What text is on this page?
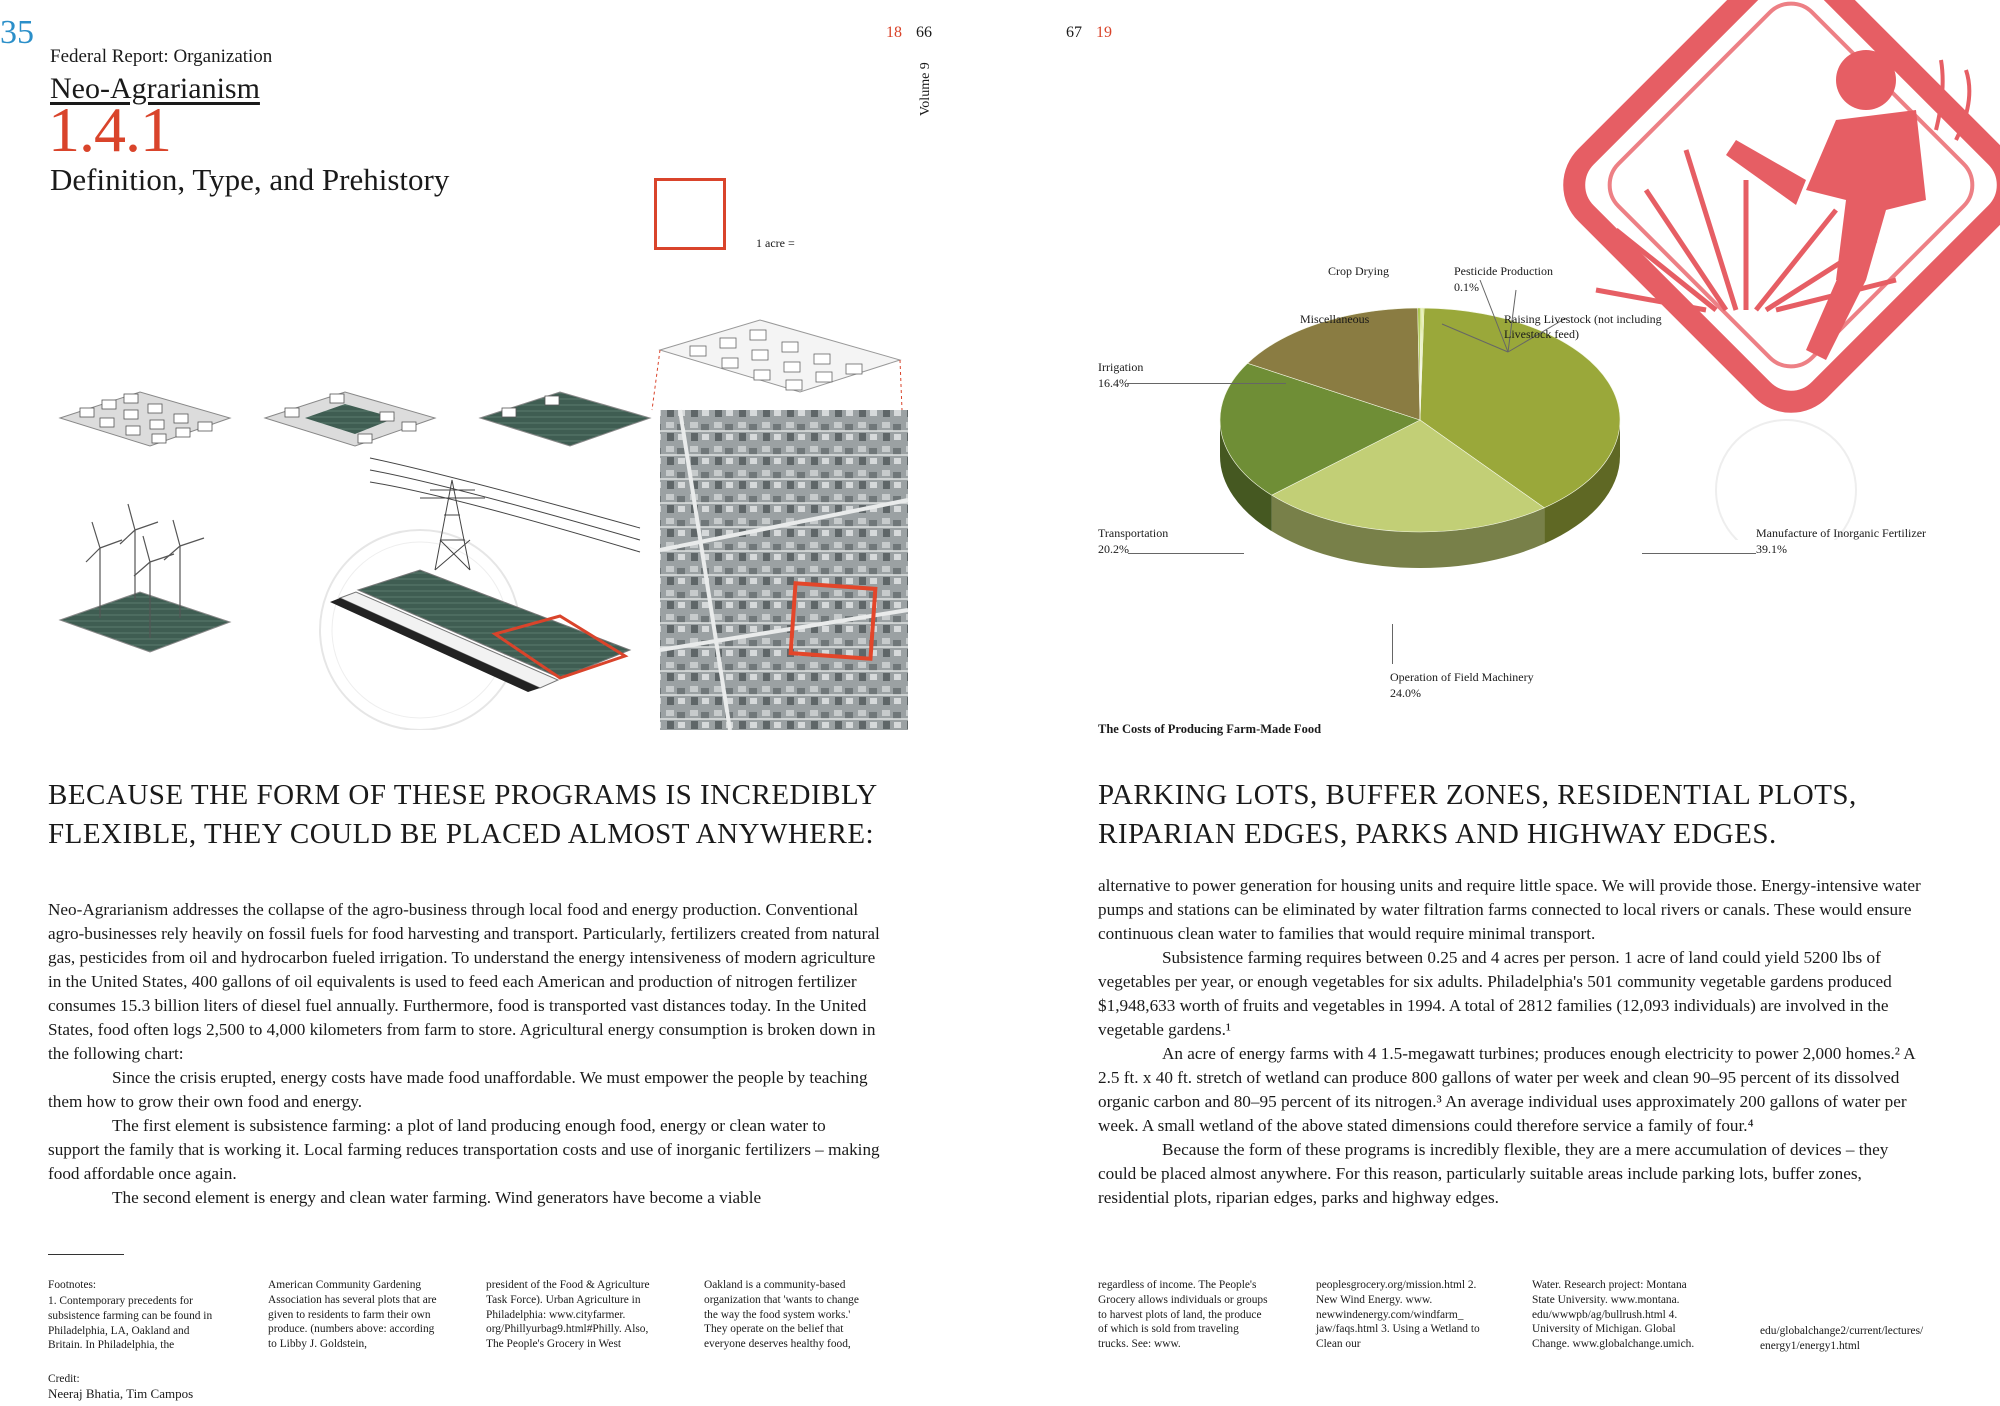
35	18 66
Volume 9
Federal Report: Organization
Neo-Agrarianism
1.4.1
Definition, Type, and Prehistory
1 acre =
BECAUSE THE FORM OF THESE PROGRAMS IS INCREDIBLY FLEXIBLE, THEY COULD BE PLACED ALMOST ANYWHERE:

Neo-Agrarianism addresses the collapse of the agro-business through local food and energy production. Conventional agro-businesses rely heavily on fossil fuels for food harvesting and transport. Particularly, fertilizers created from natural gas, pesticides from oil and hydrocarbon fueled irrigation. To understand the energy intensiveness of modern agriculture in the United States, 400 gallons of oil equivalents is used to feed each American and production of nitrogen fertilizer consumes 15.3 billion liters of diesel fuel annually. Furthermore, food is transported vast distances today. In the United States, food often logs 2,500 to 4,000 kilometers from farm to store. Agricultural energy consumption is broken down in the following chart:

Since the crisis erupted, energy costs have made food unaffordable. We must empower the people by teaching them how to grow their own food and energy.

The first element is subsistence farming: a plot of land producing enough food, energy or clean water to support the family that is working it. Local farming reduces transportation costs and use of inorganic fertilizers – making food affordable once again.

The second element is energy and clean water farming. Wind generators have become a viable

Footnotes:
1. Contemporary precedents for subsistence farming can be found in Philadelphia, LA, Oakland and Britain. In Philadelphia, the
American Community Gardening Association has several plots that are given to residents to farm their own produce. (numbers above: according to Libby J. Goldstein,
president of the Food & Agriculture Task Force). Urban Agriculture in Philadelphia: www.cityfarmer. org/Phillyurbag9.html#Philly. Also, The People's Grocery in West
Oakland is a community-based organization that 'wants to change the way the food system works.' They operate on the belief that everyone deserves healthy food,
Credit:
Neeraj Bhatia, Tim Campos
67 19
Crop Drying	Pesticide Production
0.1%
Miscellaneous	Raising Livestock (not including Livestock feed)
Irrigation
16.4%
Transportation
20.2%
Manufacture of Inorganic Fertilizer
39.1%
Operation of Field Machinery
24.0%
The Costs of Producing Farm-Made Food
PARKING LOTS, BUFFER ZONES, RESIDENTIAL PLOTS, RIPARIAN EDGES, PARKS AND HIGHWAY EDGES.

alternative to power generation for housing units and require little space. We will provide those. Energy-intensive water pumps and stations can be eliminated by water filtration farms connected to local rivers or canals. These would ensure continuous clean water to families that would require minimal transport.

Subsistence farming requires between 0.25 and 4 acres per person. 1 acre of land could yield 5200 lbs of vegetables per year, or enough vegetables for six adults. Philadelphia's 501 community vegetable gardens produced $1,948,633 worth of fruits and vegetables in 1994. A total of 2812 families (12,093 individuals) are involved in the vegetable gardens.¹

An acre of energy farms with 4 1.5-megawatt turbines; produces enough electricity to power 2,000 homes.² A 2.5 ft. x 40 ft. stretch of wetland can produce 800 gallons of water per week and clean 90–95 percent of its dissolved organic carbon and 80–95 percent of its nitrogen.³ An average individual uses approximately 200 gallons of water per week. A small wetland of the above stated dimensions could therefore service a family of four.⁴

Because the form of these programs is incredibly flexible, they are a mere accumulation of devices – they could be placed almost anywhere. For this reason, particularly suitable areas include parking lots, buffer zones, residential plots, riparian edges, parks and highway edges.

regardless of income. The People's Grocery allows individuals or groups to harvest plots of land, the produce of which is sold from traveling trucks. See: www.
peoplesgrocery.org/mission.html 2. New Wind Energy. www. newwindenergy.com/windfarm_ jaw/faqs.html 3. Using a Wetland to Clean our
Water. Research project: Montana State University. www.montana. edu/wwwpb/ag/bullrush.html 4. University of Michigan. Global Change. www.globalchange.umich.
edu/globalchange2/current/lectures/ energy1/energy1.html
